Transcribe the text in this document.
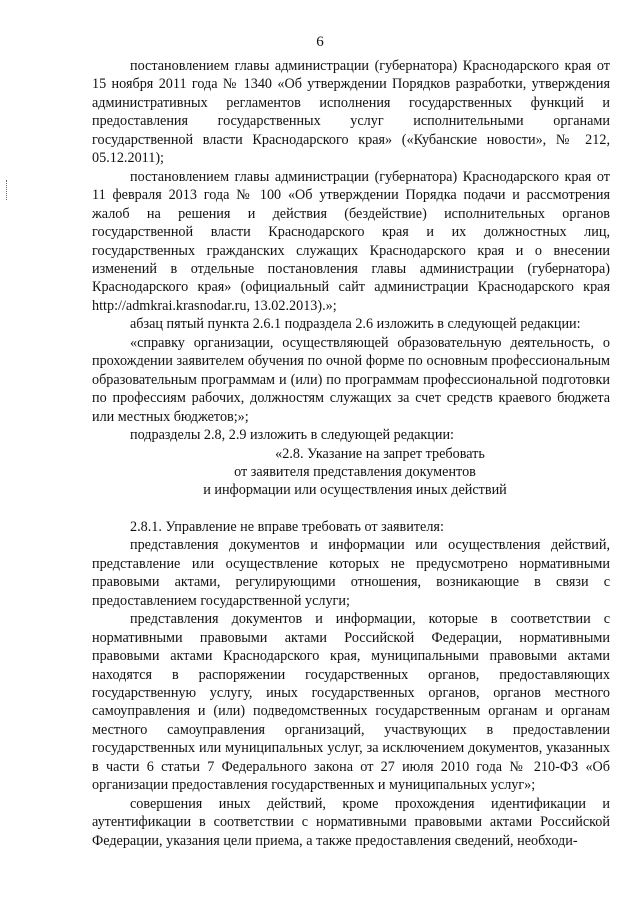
6

постановлением главы администрации (губернатора) Краснодарского края от 15 ноября 2011 года № 1340 «Об утверждении Порядков разработки, утверждения административных регламентов исполнения государственных функций и предоставления государственных услуг исполнительными органами государственной власти Краснодарского края» («Кубанские новости», № 212, 05.12.2011);

постановлением главы администрации (губернатора) Краснодарского края от 11 февраля 2013 года № 100 «Об утверждении Порядка подачи и рассмотрения жалоб на решения и действия (бездействие) исполнительных органов государственной власти Краснодарского края и их должностных лиц, государственных гражданских служащих Краснодарского края и о внесении изменений в отдельные постановления главы администрации (губернатора) Краснодарского края» (официальный сайт администрации Краснодарского края http://admkrai.krasnodar.ru, 13.02.2013).»;

абзац пятый пункта 2.6.1 подраздела 2.6 изложить в следующей редакции:

«справку организации, осуществляющей образовательную деятельность, о прохождении заявителем обучения по очной форме по основным профессиональным образовательным программам и (или) по программам профессиональной подготовки по профессиям рабочих, должностям служащих за счет средств краевого бюджета или местных бюджетов;»;

подразделы 2.8, 2.9 изложить в следующей редакции:

«2.8. Указание на запрет требовать

от заявителя представления документов

и информации или осуществления иных действий

2.8.1. Управление не вправе требовать от заявителя:

представления документов и информации или осуществления действий, представление или осуществление которых не предусмотрено нормативными правовыми актами, регулирующими отношения, возникающие в связи с предоставлением государственной услуги;

представления документов и информации, которые в соответствии с нормативными правовыми актами Российской Федерации, нормативными правовыми актами Краснодарского края, муниципальными правовыми актами находятся в распоряжении государственных органов, предоставляющих государственную услугу, иных государственных органов, органов местного самоуправления и (или) подведомственных государственным органам и органам местного самоуправления организаций, участвующих в предоставлении государственных или муниципальных услуг, за исключением документов, указанных в части 6 статьи 7 Федерального закона от 27 июля 2010 года № 210-ФЗ «Об организации предоставления государственных и муниципальных услуг»;

совершения иных действий, кроме прохождения идентификации и аутентификации в соответствии с нормативными правовыми актами Российской Федерации, указания цели приема, а также предоставления сведений, необходи-
